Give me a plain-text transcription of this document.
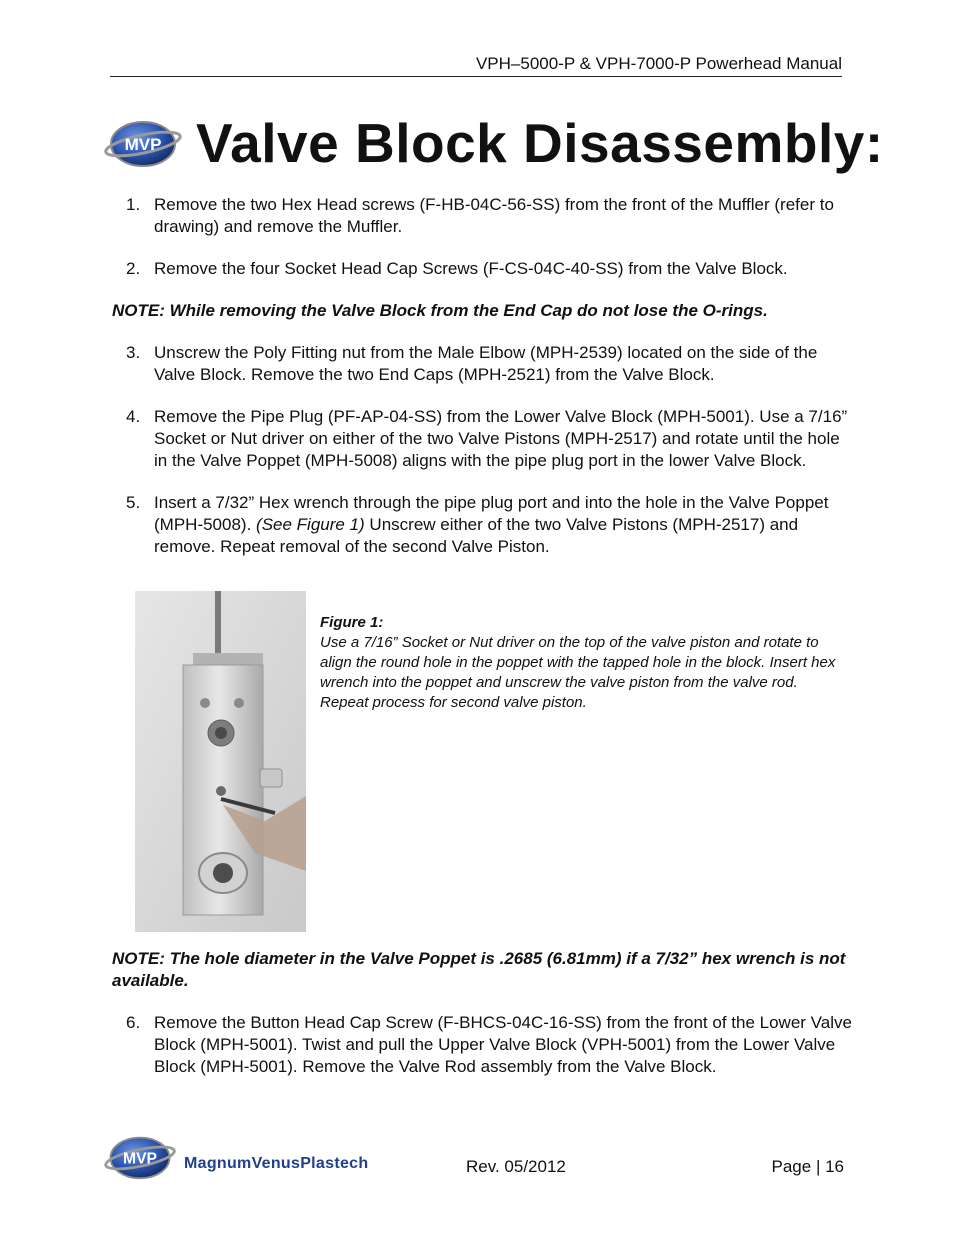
VPH–5000-P & VPH-7000-P Powerhead Manual
MVP Valve Block Disassembly:
1. Remove the two Hex Head screws (F-HB-04C-56-SS) from the front of the Muffler (refer to drawing) and remove the Muffler.
2. Remove the four Socket Head Cap Screws (F-CS-04C-40-SS) from the Valve Block.

NOTE: While removing the Valve Block from the End Cap do not lose the O-rings.

3. Unscrew the Poly Fitting nut from the Male Elbow (MPH-2539) located on the side of the Valve Block. Remove the two End Caps (MPH-2521) from the Valve Block.
4. Remove the Pipe Plug (PF-AP-04-SS) from the Lower Valve Block (MPH-5001). Use a 7/16” Socket or Nut driver on either of the two Valve Pistons (MPH-2517) and rotate until the hole in the Valve Poppet (MPH-5008) aligns with the pipe plug port in the lower Valve Block.
5. Insert a 7/32” Hex wrench through the pipe plug port and into the hole in the Valve Poppet (MPH-5008). (See Figure 1) Unscrew either of the two Valve Pistons (MPH-2517) and remove. Repeat removal of the second Valve Piston.
Figure 1:
Use a 7/16” Socket or Nut driver on the top of the valve piston and rotate to align the round hole in the poppet with the tapped hole in the block. Insert hex wrench into the poppet and unscrew the valve piston from the valve rod. Repeat process for second valve piston.

NOTE: The hole diameter in the Valve Poppet is .2685 (6.81mm) if a 7/32” hex wrench is not available.

6. Remove the Button Head Cap Screw (F-BHCS-04C-16-SS) from the front of the Lower Valve Block (MPH-5001). Twist and pull the Upper Valve Block (VPH-5001) from the Lower Valve Block (MPH-5001). Remove the Valve Rod assembly from the Valve Block.
MVP MagnumVenusPlastech	Rev. 05/2012	Page | 16
